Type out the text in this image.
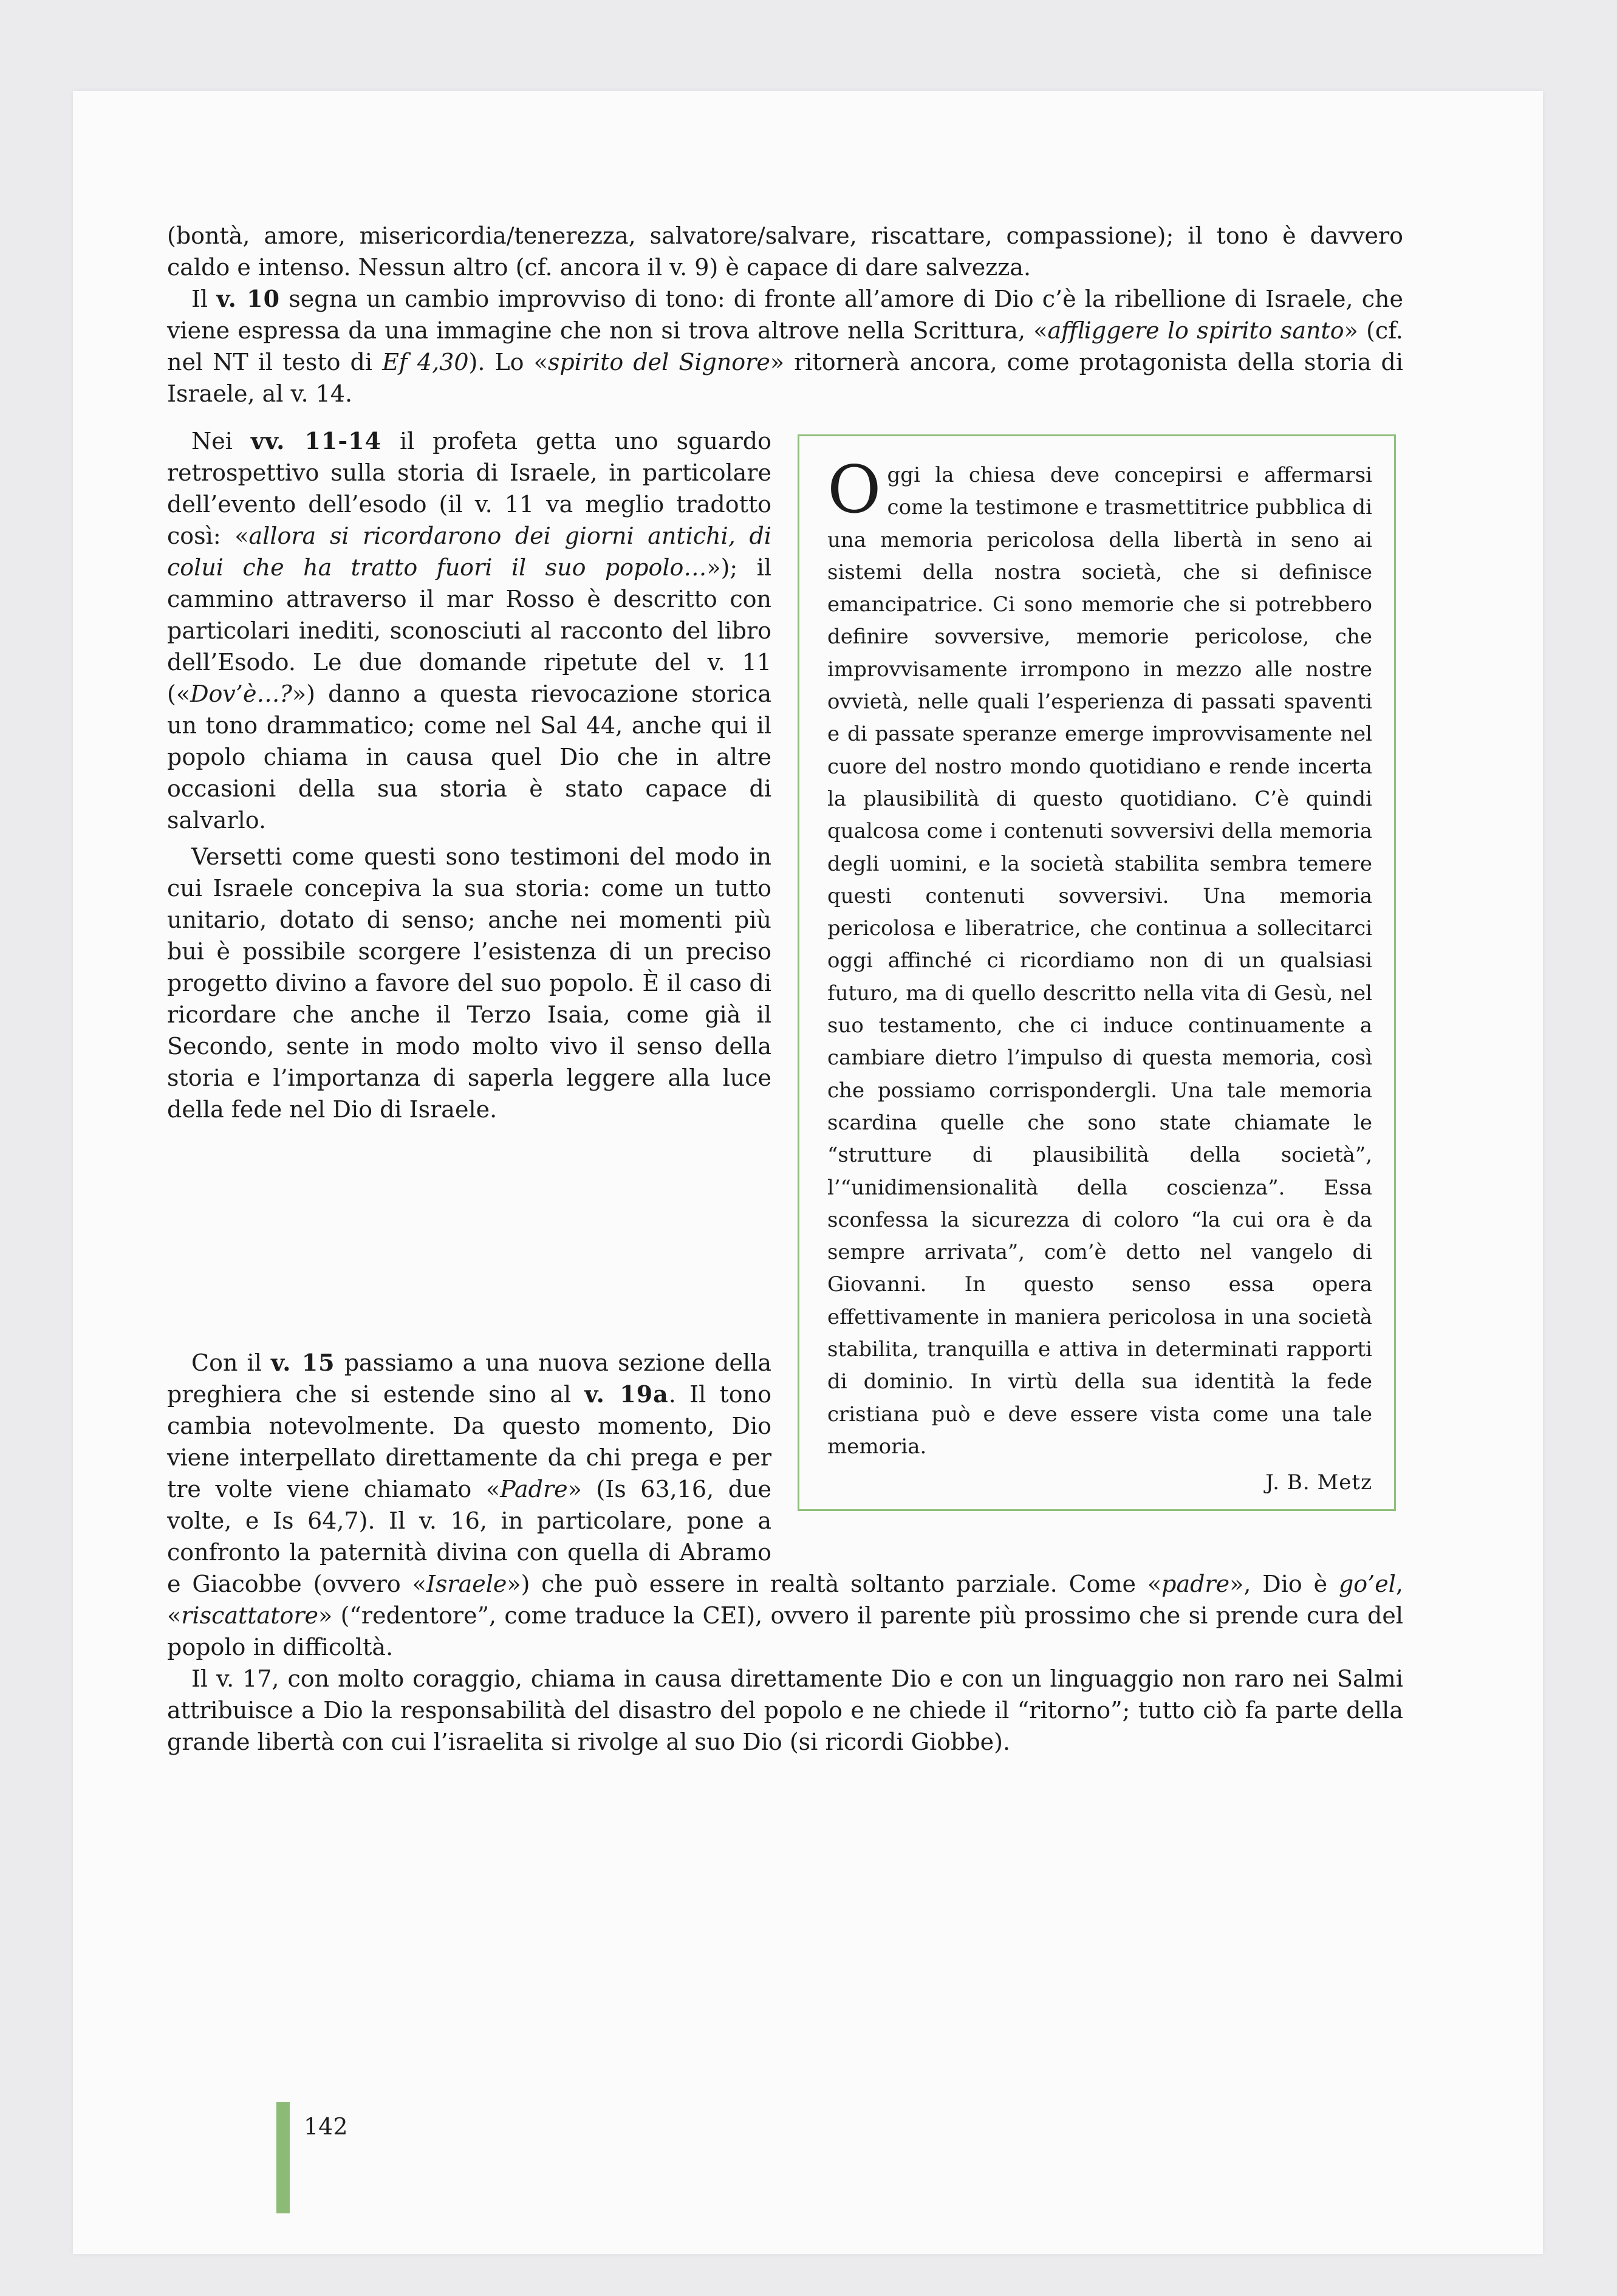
(bontà, amore, misericordia/tenerezza, salvatore/salvare, riscattare, compassione); il tono è davvero caldo e intenso. Nessun altro (cf. ancora il v. 9) è capace di dare salvezza.

Il v. 10 segna un cambio improvviso di tono: di fronte all’amore di Dio c’è la ribellione di Israele, che viene espressa da una immagine che non si trova altrove nella Scrittura, «affliggere lo spirito santo» (cf. nel NT il testo di Ef 4,30). Lo «spirito del Signore» ritornerà ancora, come protagonista della storia di Israele, al v. 14.

Nei vv. 11-14 il profeta getta uno sguardo retrospettivo sulla storia di Israele, in particolare dell’evento dell’esodo (il v. 11 va meglio tradotto così: «allora si ricordarono dei giorni antichi, di colui che ha tratto fuori il suo popolo…»); il cammino attraverso il mar Rosso è descritto con particolari inediti, sconosciuti al racconto del libro dell’Esodo. Le due domande ripetute del v. 11 («Dov’è…?») danno a questa rievocazione storica un tono drammatico; come nel Sal 44, anche qui il popolo chiama in causa quel Dio che in altre occasioni della sua storia è stato capace di salvarlo.

Versetti come questi sono testimoni del modo in cui Israele concepiva la sua storia: come un tutto unitario, dotato di senso; anche nei momenti più bui è possibile scorgere l’esistenza di un preciso progetto divino a favore del suo popolo. È il caso di ricordare che anche il Terzo Isaia, come già il Secondo, sente in modo molto vivo il senso della storia e l’importanza di saperla leggere alla luce della fede nel Dio di Israele.

Con il v. 15 passiamo a una nuova sezione della preghiera che si estende sino al v. 19a. Il tono cambia notevolmente. Da questo momento, Dio viene interpellato direttamente da chi prega e per tre volte viene chiamato «Padre» (Is 63,16, due volte, e Is 64,7). Il v. 16, in particolare, pone a confronto la paternità divina con quella di Abramo e Giacobbe (ovvero «Israele») che può essere in realtà soltanto parziale. Come «padre», Dio è go’el, «riscattatore» (“redentore”, come traduce la CEI), ovvero il parente più prossimo che si prende cura del popolo in difficoltà.

Il v. 17, con molto coraggio, chiama in causa direttamente Dio e con un linguaggio non raro nei Salmi attribuisce a Dio la responsabilità del disastro del popolo e ne chiede il “ritorno”; tutto ciò fa parte della grande libertà con cui l’israelita si rivolge al suo Dio (si ricordi Giobbe).

Oggi la chiesa deve concepirsi e affermarsi come la testimone e trasmettitrice pubblica di una memoria pericolosa della libertà in seno ai sistemi della nostra società, che si definisce emancipatrice. Ci sono memorie che si potrebbero definire sovversive, memorie pericolose, che improvvisamente irrompono in mezzo alle nostre ovvietà, nelle quali l’esperienza di passati spaventi e di passate speranze emerge improvvisamente nel cuore del nostro mondo quotidiano e rende incerta la plausibilità di questo quotidiano. C’è quindi qualcosa come i contenuti sovversivi della memoria degli uomini, e la società stabilita sembra temere questi contenuti sovversivi. Una memoria pericolosa e liberatrice, che continua a sollecitarci oggi affinché ci ricordiamo non di un qualsiasi futuro, ma di quello descritto nella vita di Gesù, nel suo testamento, che ci induce continuamente a cambiare dietro l’impulso di questa memoria, così che possiamo corrispondergli. Una tale memoria scardina quelle che sono state chiamate le “strutture di plausibilità della società”, l’“unidimensionalità della coscienza”. Essa sconfessa la sicurezza di coloro “la cui ora è da sempre arrivata”, com’è detto nel vangelo di Giovanni. In questo senso essa opera effettivamente in maniera pericolosa in una società stabilita, tranquilla e attiva in determinati rapporti di dominio. In virtù della sua identità la fede cristiana può e deve essere vista come una tale memoria.
J. B. Metz
142
